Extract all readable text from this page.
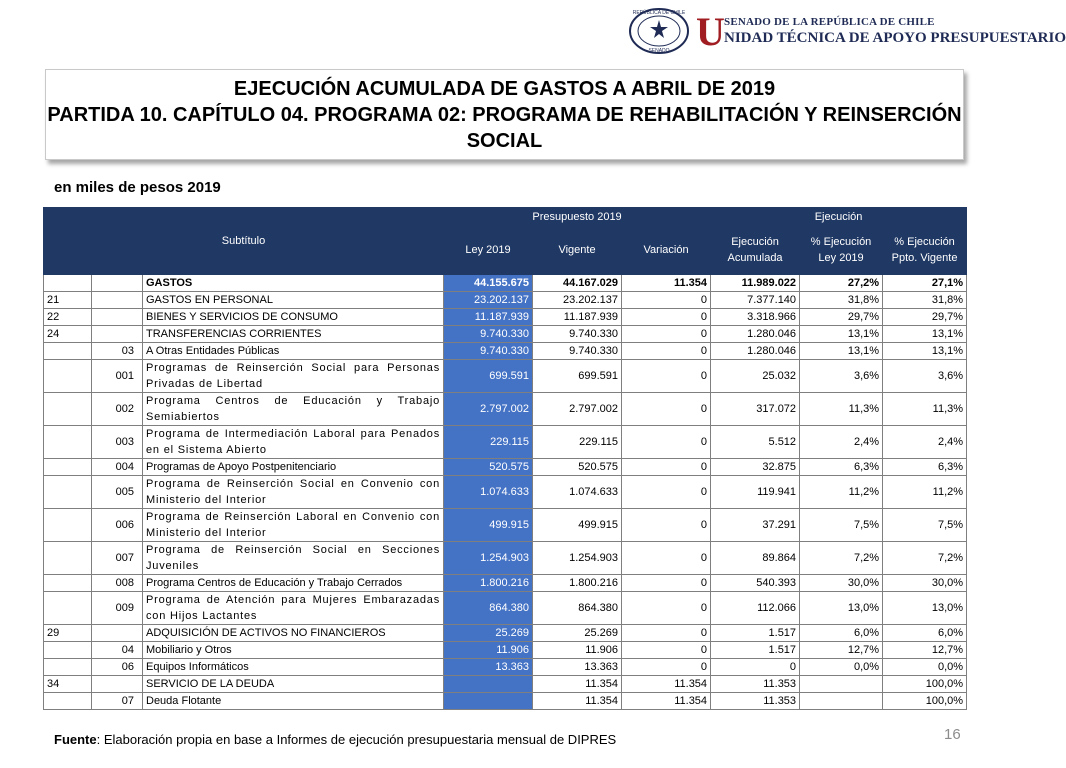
REPÚBLICA DE CHILE
SENADO U SENADO DE LA REPÚBLICA DE CHILE
NIDAD TÉCNICA DE APOYO PRESUPUESTARIO
EJECUCIÓN ACUMULADA DE GASTOS A ABRIL DE 2019
PARTIDA 10. CAPÍTULO 04. PROGRAMA 02: PROGRAMA DE REHABILITACIÓN Y REINSERCIÓN
SOCIAL
en miles de pesos 2019
Subtítulo			Presupuesto 2019			Ejecución		
			Ley 2019	Vigente	Variación	Ejecución Acumulada	% Ejecución Ley 2019	% Ejecución Ppto. Vigente
		GASTOS	44.155.675	44.167.029	11.354	11.989.022	27,2%	27,1%
21		GASTOS EN PERSONAL	23.202.137	23.202.137	0	7.377.140	31,8%	31,8%
22		BIENES Y SERVICIOS DE CONSUMO	11.187.939	11.187.939	0	3.318.966	29,7%	29,7%
24		TRANSFERENCIAS CORRIENTES	9.740.330	9.740.330	0	1.280.046	13,1%	13,1%
	03	A Otras Entidades Públicas	9.740.330	9.740.330	0	1.280.046	13,1%	13,1%
	001	Programas de Reinserción Social para Personas Privadas de Libertad	699.591	699.591	0	25.032	3,6%	3,6%
	002	Programa Centros de Educación y Trabajo Semiabiertos	2.797.002	2.797.002	0	317.072	11,3%	11,3%
	003	Programa de Intermediación Laboral para Penados en el Sistema Abierto	229.115	229.115	0	5.512	2,4%	2,4%
	004	Programas de Apoyo Postpenitenciario	520.575	520.575	0	32.875	6,3%	6,3%
	005	Programa de Reinserción Social en Convenio con Ministerio del Interior	1.074.633	1.074.633	0	119.941	11,2%	11,2%
	006	Programa de Reinserción Laboral en Convenio con Ministerio del Interior	499.915	499.915	0	37.291	7,5%	7,5%
	007	Programa de Reinserción Social en Secciones Juveniles	1.254.903	1.254.903	0	89.864	7,2%	7,2%
	008	Programa Centros de Educación y Trabajo Cerrados	1.800.216	1.800.216	0	540.393	30,0%	30,0%
	009	Programa de Atención para Mujeres Embarazadas con Hijos Lactantes	864.380	864.380	0	112.066	13,0%	13,0%
29		ADQUISICIÓN DE ACTIVOS NO FINANCIEROS	25.269	25.269	0	1.517	6,0%	6,0%
	04	Mobiliario y Otros	11.906	11.906	0	1.517	12,7%	12,7%
	06	Equipos Informáticos	13.363	13.363	0	0	0,0%	0,0%
34		SERVICIO DE LA DEUDA		11.354	11.354	11.353		100,0%
	07	Deuda Flotante		11.354	11.354	11.353		100,0%
Fuente: Elaboración propia en base a Informes de ejecución presupuestaria mensual de DIPRES	16
